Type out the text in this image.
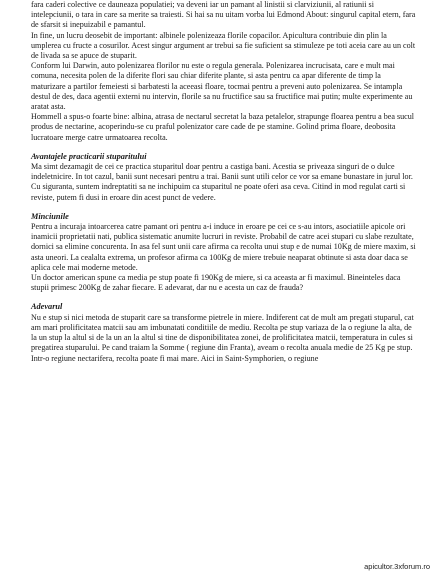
fara caderi colective ce dauneaza populatiei; va deveni iar un pamant al linistii si clarviziunii, al ratiunii si intelepciunii, o tara in care sa merite sa traiesti. Si hai sa nu uitam vorba lui Edmond About: singurul capital etern, fara de sfarsit si inepuizabil e pamantul.

In fine, un lucru deosebit de important: albinele polenizeaza florile copacilor. Apicultura contribuie din plin la umplerea cu fructe a cosurilor. Acest singur argument ar trebui sa fie suficient sa stimuleze pe toti aceia care au un colt de livada sa se apuce de stuparit.

Conform lui Darwin, auto polenizarea florilor nu este o regula generala. Polenizarea incrucisata, care e mult mai comuna, necesita polen de la diferite flori sau chiar diferite plante, si asta pentru ca apar diferente de timp la maturizare a partilor femeiesti si barbatesti la aceeasi floare, tocmai pentru a preveni auto polenizarea. Se intampla destul de des, daca agentii externi nu intervin, florile sa nu fructifice sau sa fructifice mai putin; multe experimente au aratat asta.

Hommell a spus-o foarte bine: albina, atrasa de nectarul secretat la baza petalelor, strapunge floarea pentru a bea sucul produs de nectarine, acoperindu-se cu praful polenizator care cade de pe stamine. Golind prima floare, deobosita lucratoare merge catre urmatoarea recolta.

Avantajele practicarii stuparitului

Ma simt dezamagit de cei ce practica stuparitul doar pentru a castiga bani. Acestia se priveaza singuri de o dulce indeletnicire. In tot cazul, banii sunt necesari pentru a trai. Banii sunt utili celor ce vor sa emane bunastare in jurul lor. Cu siguranta, suntem indreptatiti sa ne inchipuim ca stuparitul ne poate oferi asa ceva. Citind in mod regulat carti si reviste, putem fi dusi in eroare din acest punct de vedere.

Minciunile

Pentru a incuraja intoarcerea catre pamant ori pentru a-i induce in eroare pe cei ce s-au intors, asociatiile apicole ori inamicii proprietatii nati, publica sistematic anumite lucruri in reviste. Probabil de catre acei stupari cu slabe rezultate, dornici sa elimine concurenta. In asa fel sunt unii care afirma ca recolta unui stup e de numai 10Kg de miere maxim, si asta uneori. La cealalta extrema, un profesor afirma ca 100Kg de miere trebuie neaparat obtinute si asta doar daca se aplica cele mai moderne metode.

Un doctor american spune ca media pe stup poate fi 190Kg de miere, si ca aceasta ar fi maximul. Bineinteles daca stupii primesc 200Kg de zahar fiecare. E adevarat, dar nu e acesta un caz de frauda?

Adevarul

Nu e stup si nici metoda de stuparit care sa transforme pietrele in miere. Indiferent cat de mult am pregati stuparul, cat am mari prolificitatea matcii sau am imbunatati conditiile de mediu. Recolta pe stup variaza de la o regiune la alta, de la un stup la altul si de la un an la altul si tine de disponibilitatea zonei, de prolificitatea matcii, temperatura in cules si pregatirea stuparului. Pe cand traiam la Somme ( regiune din Franta), aveam o recolta anuala medie de 25 Kg pe stup. Intr-o regiune nectarifera, recolta poate fi mai mare. Aici in Saint-Symphorien, o regiune

apicultor.3xforum.ro
